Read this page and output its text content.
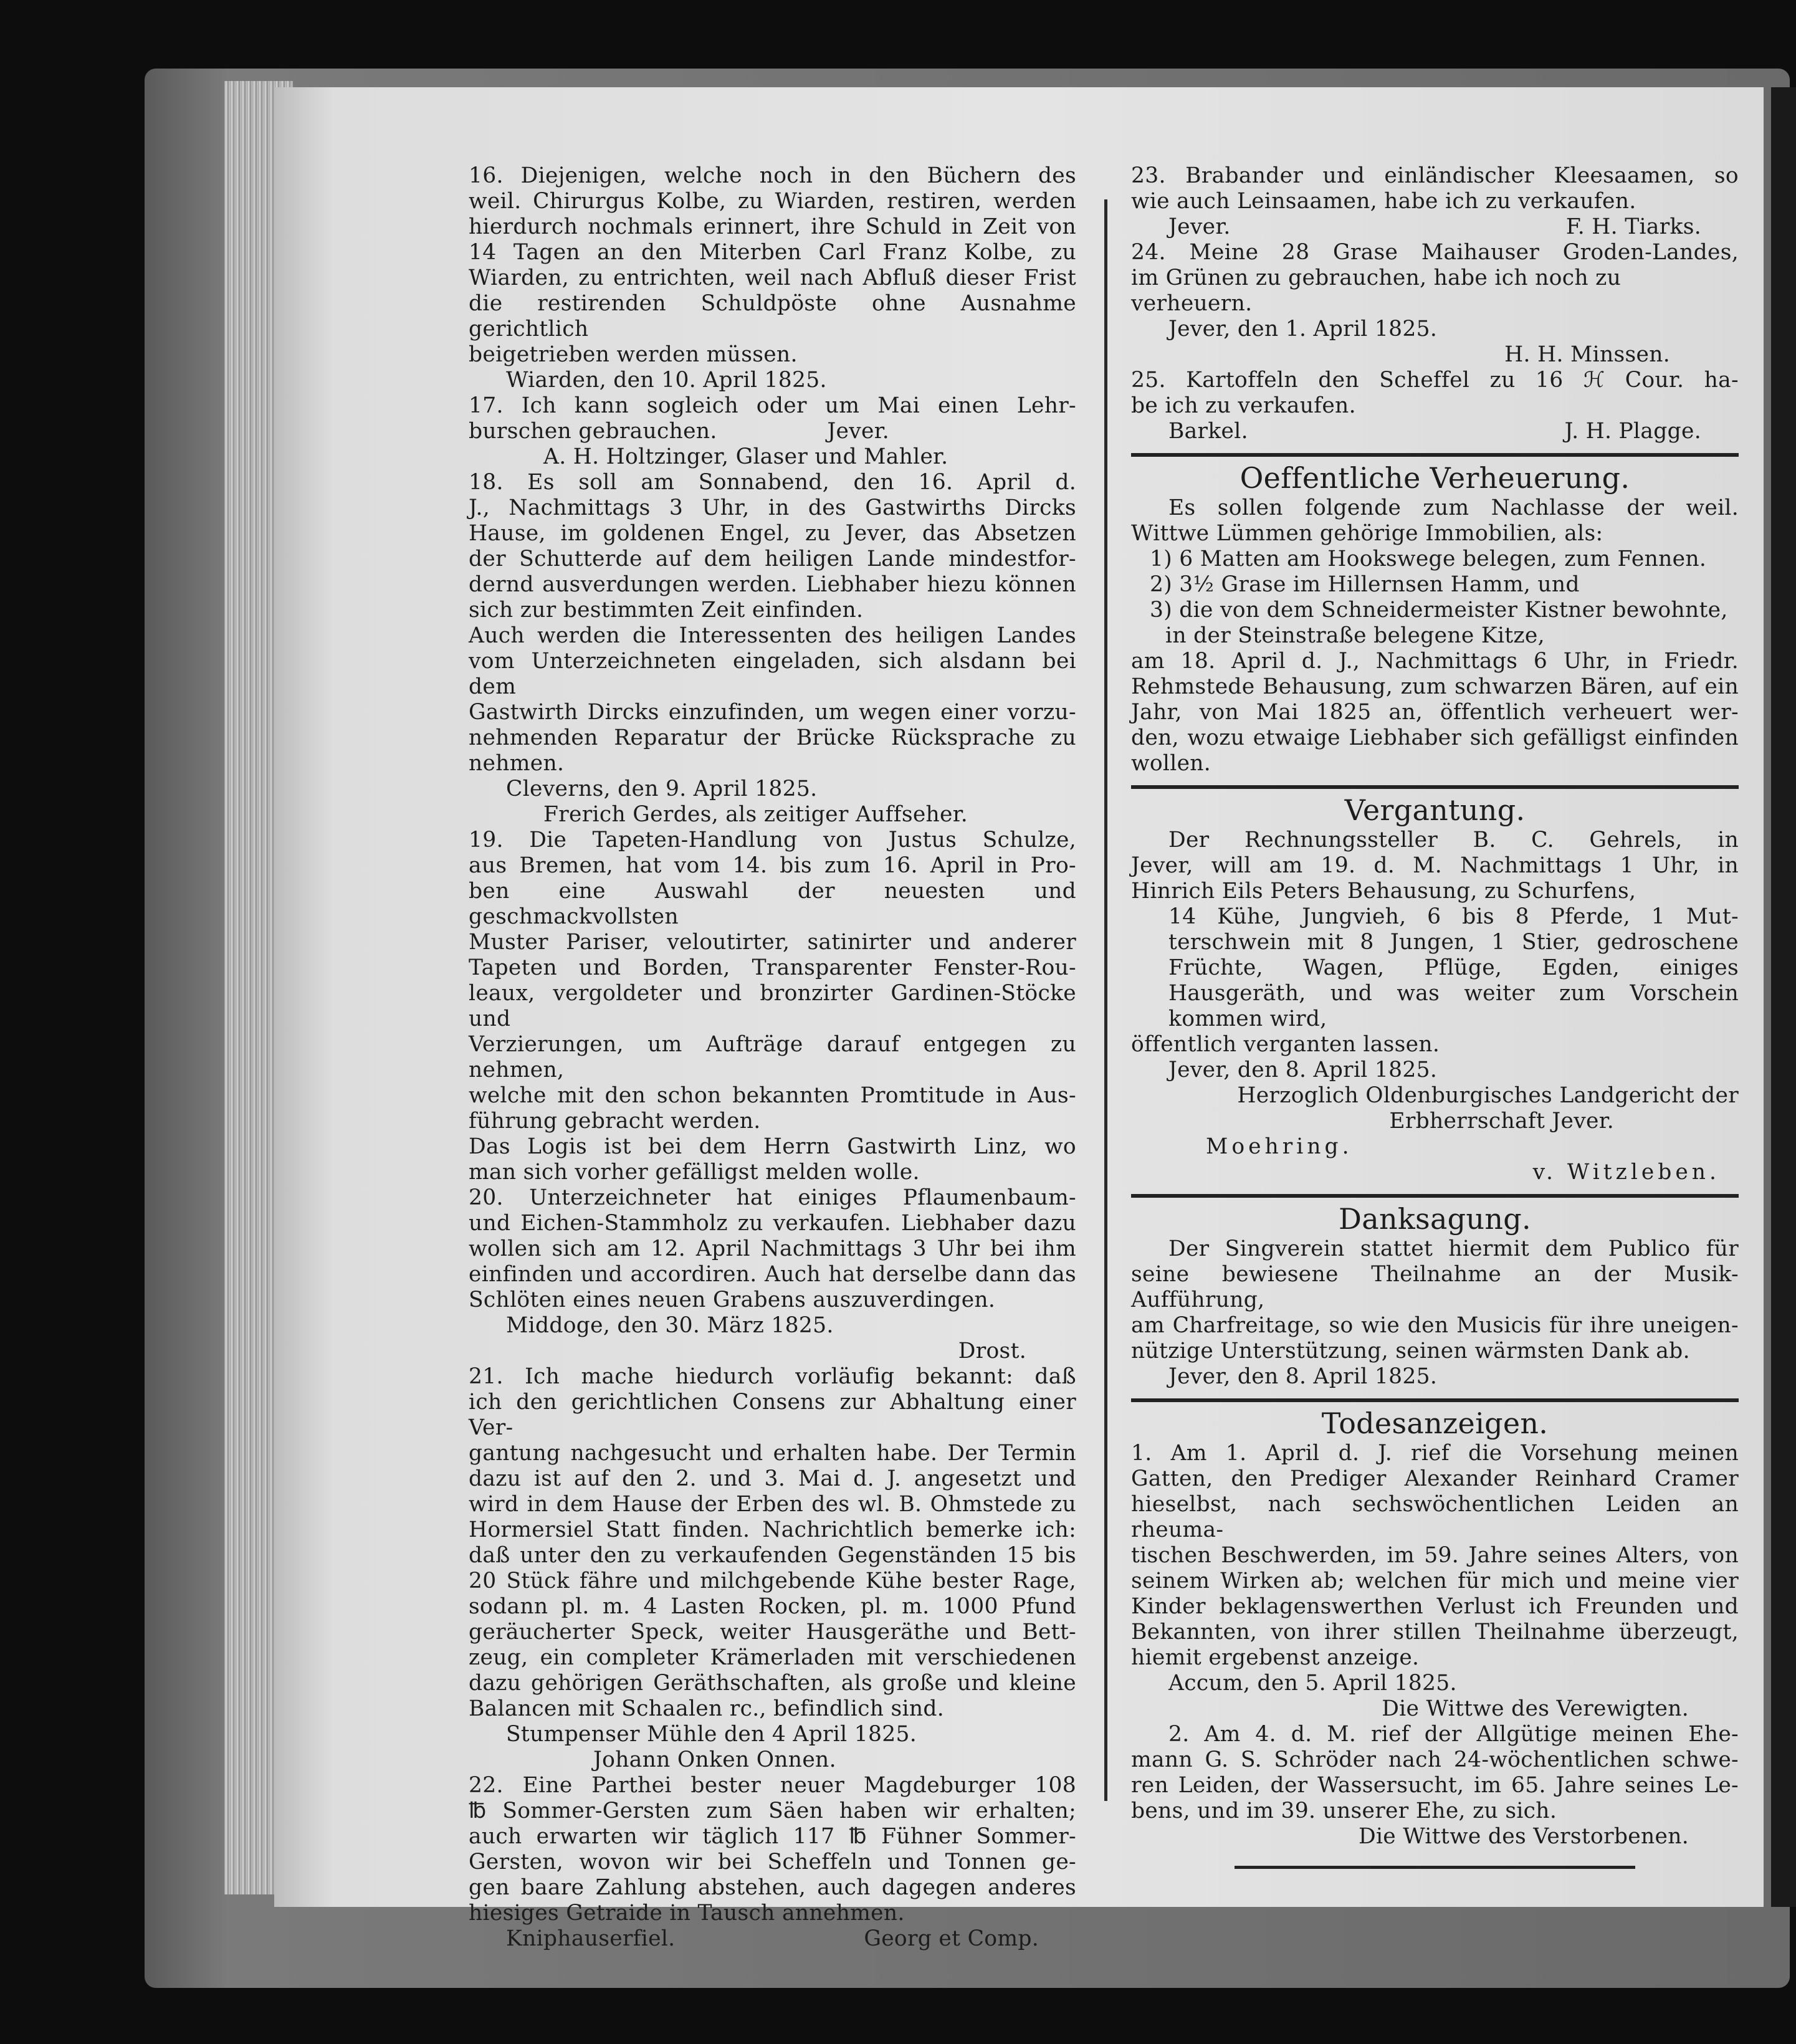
16. Diejenigen, welche noch in den Büchern des

weil. Chirurgus Kolbe, zu Wiarden, restiren, werden

hierdurch nochmals erinnert, ihre Schuld in Zeit von

14 Tagen an den Miterben Carl Franz Kolbe, zu

Wiarden, zu entrichten, weil nach Abfluß dieser Frist

die restirenden Schuldpöste ohne Ausnahme gerichtlich

beigetrieben werden müssen.

Wiarden, den 10. April 1825.

17. Ich kann sogleich oder um Mai einen Lehr-

burschen gebrauchen.	Jever.

A. H. Holtzinger, Glaser und Mahler.

18. Es soll am Sonnabend, den 16. April d.

J., Nachmittags 3 Uhr, in des Gastwirths Dircks

Hause, im goldenen Engel, zu Jever, das Absetzen

der Schutterde auf dem heiligen Lande mindestfor-

dernd ausverdungen werden. Liebhaber hiezu können

sich zur bestimmten Zeit einfinden.

Auch werden die Interessenten des heiligen Landes

vom Unterzeichneten eingeladen, sich alsdann bei dem

Gastwirth Dircks einzufinden, um wegen einer vorzu-

nehmenden Reparatur der Brücke Rücksprache zu nehmen.

Cleverns, den 9. April 1825.

Frerich Gerdes, als zeitiger Auffseher.

19. Die Tapeten-Handlung von Justus Schulze,

aus Bremen, hat vom 14. bis zum 16. April in Pro-

ben eine Auswahl der neuesten und geschmackvollsten

Muster Pariser, veloutirter, satinirter und anderer

Tapeten und Borden, Transparenter Fenster-Rou-

leaux, vergoldeter und bronzirter Gardinen-Stöcke und

Verzierungen, um Aufträge darauf entgegen zu nehmen,

welche mit den schon bekannten Promtitude in Aus-

führung gebracht werden.

Das Logis ist bei dem Herrn Gastwirth Linz, wo

man sich vorher gefälligst melden wolle.

20. Unterzeichneter hat einiges Pflaumenbaum-

und Eichen-Stammholz zu verkaufen. Liebhaber dazu

wollen sich am 12. April Nachmittags 3 Uhr bei ihm

einfinden und accordiren. Auch hat derselbe dann das

Schlöten eines neuen Grabens auszuverdingen.

Middoge, den 30. März 1825.

Drost.

21. Ich mache hiedurch vorläufig bekannt: daß

ich den gerichtlichen Consens zur Abhaltung einer Ver-

gantung nachgesucht und erhalten habe. Der Termin

dazu ist auf den 2. und 3. Mai d. J. angesetzt und

wird in dem Hause der Erben des wl. B. Ohmstede zu

Hormersiel Statt finden. Nachrichtlich bemerke ich:

daß unter den zu verkaufenden Gegenständen 15 bis

20 Stück fähre und milchgebende Kühe bester Rage,

sodann pl. m. 4 Lasten Rocken, pl. m. 1000 Pfund

geräucherter Speck, weiter Hausgeräthe und Bett-

zeug, ein completer Krämerladen mit verschiedenen

dazu gehörigen Geräthschaften, als große und kleine

Balancen mit Schaalen rc., befindlich sind.

Stumpenser Mühle den 4 April 1825.

Johann Onken Onnen.

22. Eine Parthei bester neuer Magdeburger 108

℔ Sommer-Gersten zum Säen haben wir erhalten;

auch erwarten wir täglich 117 ℔ Fühner Sommer-

Gersten, wovon wir bei Scheffeln und Tonnen ge-

gen baare Zahlung abstehen, auch dagegen anderes

hiesiges Getraide in Tausch annehmen.

Kniphauserfiel.	Georg et Comp.

23. Brabander und einländischer Kleesaamen, so

wie auch Leinsaamen, habe ich zu verkaufen.

Jever.	F. H. Tiarks.

24. Meine 28 Grase Maihauser Groden-Landes,

im Grünen zu gebrauchen, habe ich noch zu verheuern.

Jever, den 1. April 1825.

H. H. Minssen.

25. Kartoffeln den Scheffel zu 16 ℋ Cour. ha-

be ich zu verkaufen.

Barkel.	J. H. Plagge.

Oeffentliche Verheuerung.

Es sollen folgende zum Nachlasse der weil.

Wittwe Lümmen gehörige Immobilien, als:

1) 6 Matten am Hookswege belegen, zum Fennen.

2) 3½ Grase im Hillernsen Hamm, und

3) die von dem Schneidermeister Kistner bewohnte,

in der Steinstraße belegene Kitze,

am 18. April d. J., Nachmittags 6 Uhr, in Friedr.

Rehmstede Behausung, zum schwarzen Bären, auf ein

Jahr, von Mai 1825 an, öffentlich verheuert wer-

den, wozu etwaige Liebhaber sich gefälligst einfinden

wollen.

Vergantung.

Der Rechnungssteller B. C. Gehrels, in

Jever, will am 19. d. M. Nachmittags 1 Uhr, in

Hinrich Eils Peters Behausung, zu Schurfens,

14 Kühe, Jungvieh, 6 bis 8 Pferde, 1 Mut-

terschwein mit 8 Jungen, 1 Stier, gedroschene

Früchte, Wagen, Pflüge, Egden, einiges

Hausgeräth, und was weiter zum Vorschein

kommen wird,

öffentlich verganten lassen.

Jever, den 8. April 1825.

Herzoglich Oldenburgisches Landgericht der

Erbherrschaft Jever.

Moehring.

v. Witzleben.

Danksagung.

Der Singverein stattet hiermit dem Publico für

seine bewiesene Theilnahme an der Musik-Aufführung,

am Charfreitage, so wie den Musicis für ihre uneigen-

nützige Unterstützung, seinen wärmsten Dank ab.

Jever, den 8. April 1825.

Todesanzeigen.

1. Am 1. April d. J. rief die Vorsehung meinen

Gatten, den Prediger Alexander Reinhard Cramer

hieselbst, nach sechswöchentlichen Leiden an rheuma-

tischen Beschwerden, im 59. Jahre seines Alters, von

seinem Wirken ab; welchen für mich und meine vier

Kinder beklagenswerthen Verlust ich Freunden und

Bekannten, von ihrer stillen Theilnahme überzeugt,

hiemit ergebenst anzeige.

Accum, den 5. April 1825.

Die Wittwe des Verewigten.

2. Am 4. d. M. rief der Allgütige meinen Ehe-

mann G. S. Schröder nach 24-wöchentlichen schwe-

ren Leiden, der Wassersucht, im 65. Jahre seines Le-

bens, und im 39. unserer Ehe, zu sich.

Die Wittwe des Verstorbenen.
